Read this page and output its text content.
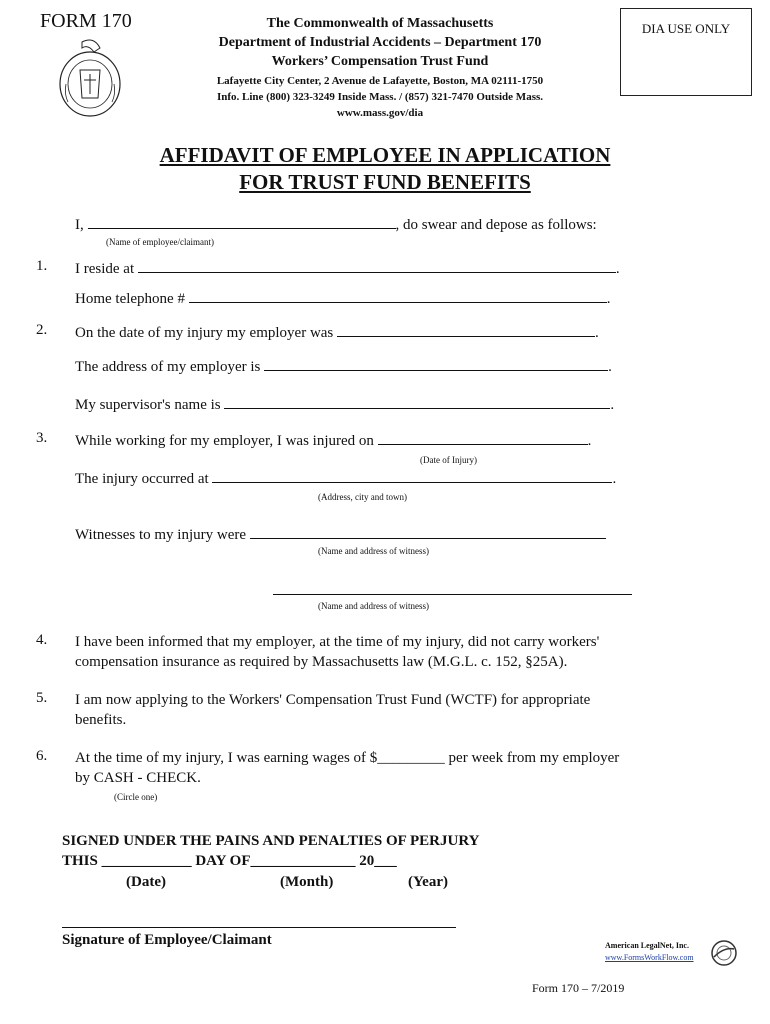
FORM 170	The Commonwealth of Massachusetts
Department of Industrial Accidents – Department 170
Workers’ Compensation Trust Fund
Lafayette City Center, 2 Avenue de Lafayette, Boston, MA 02111-1750
Info. Line (800) 323-3249 Inside Mass. / (857) 321-7470 Outside Mass.
www.mass.gov/dia
DIA USE ONLY
AFFIDAVIT OF EMPLOYEE IN APPLICATION
FOR TRUST FUND BENEFITS
I,	, do swear and depose as follows:
(Name of employee/claimant)
1. I reside at	.
Home telephone #	.
2. On the date of my injury my employer was	.
The address of my employer is	.
My supervisor's name is	.
3. While working for my employer, I was injured on	.
(Date of Injury)
The injury occurred at	.
(Address, city and town)
Witnesses to my injury were
(Name and address of witness)
(Name and address of witness)
4. I have been informed that my employer, at the time of my injury, did not carry workers'
compensation insurance as required by Massachusetts law (M.G.L. c. 152, §25A).
5. I am now applying to the Workers' Compensation Trust Fund (WCTF) for appropriate
benefits.
6. At the time of my injury, I was earning wages of $_________ per week from my employer
by CASH - CHECK.
(Circle one)
SIGNED UNDER THE PAINS AND PENALTIES OF PERJURY
THIS ____________ DAY OF______________ 20___
(Date)	(Month)	(Year)
Signature of Employee/Claimant	American LegalNet, Inc.
www.FormsWorkFlow.com
Form 170 – 7/2019
